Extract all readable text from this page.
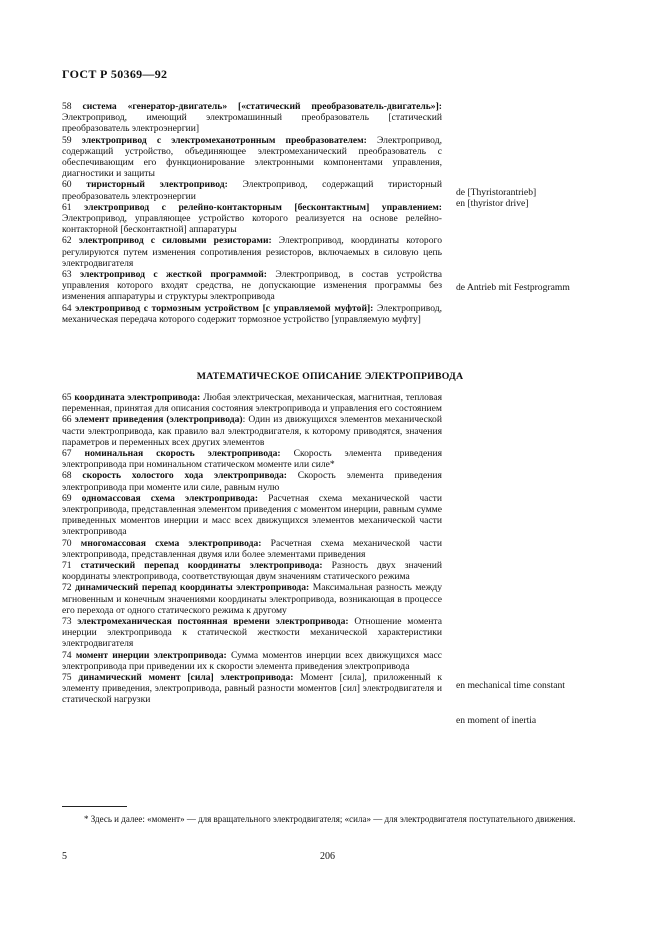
ГОСТ Р 50369—92

58 система «генератор-двигатель» [«статический преобразователь-двигатель»]: Электропривод, имеющий электромашинный преобразователь [статический преобразователь электроэнергии]

59 электропривод с электромеханотронным преобразователем: Электропривод, содержащий устройство, объединяющее электромеханический преобразователь с обеспечивающим его функционирование электронными компонентами управления, диагностики и защиты

60 тиристорный электропривод: Электропривод, содержащий тиристорный преобразователь электроэнергии

61 электропривод с релейно-контакторным [бесконтактным] управлением: Электропривод, управляющее устройство которого реализуется на основе релейно-контакторной [бесконтактной] аппаратуры

62 электропривод с силовыми резисторами: Электропривод, координаты которого регулируются путем изменения сопротивления резисторов, включаемых в силовую цепь электродвигателя

63 электропривод с жесткой программой: Электропривод, в состав устройства управления которого входят средства, не допускающие изменения программы без изменения аппаратуры и структуры электропривода

64 электропривод с тормозным устройством [с управляемой муфтой]: Электропривод, механическая передача которого содержит тормозное устройство [управляемую муфту]

de [Thyristorantrieb]
en [thyristor drive]
de Antrieb mit Festprogramm
МАТЕМАТИЧЕСКОЕ ОПИСАНИЕ ЭЛЕКТРОПРИВОДА

65 координата электропривода: Любая электрическая, механическая, магнитная, тепловая переменная, принятая для описания состояния электропривода и управления его состоянием

66 элемент приведения (электропривода): Один из движущихся элементов механической части электропривода, как правило вал электродвигателя, к которому приводятся, значения параметров и переменных всех других элементов

67 номинальная скорость электропривода: Скорость элемента приведения электропривода при номинальном статическом моменте или силе*

68 скорость холостого хода электропривода: Скорость элемента приведения электропривода при моменте или силе, равным нулю

69 одномассовая схема электропривода: Расчетная схема механической части электропривода, представленная элементом приведения с моментом инерции, равным сумме приведенных моментов инерции и масс всех движущихся элементов механической части электропривода

70 многомассовая схема электропривода: Расчетная схема механической части электропривода, представленная двумя или более элементами приведения

71 статический перепад координаты электропривода: Разность двух значений координаты электропривода, соответствующая двум значениям статического режима

72 динамический перепад координаты электропривода: Максимальная разность между мгновенным и конечным значениями координаты электропривода, возникающая в процессе его перехода от одного статического режима к другому

73 электромеханическая постоянная времени электропривода: Отношение момента инерции электропривода к статической жесткости механической характеристики электродвигателя

74 момент инерции электропривода: Сумма моментов инерции всех движущихся масс электропривода при приведении их к скорости элемента приведения электропривода

75 динамический момент [сила] электропривода: Момент [сила], приложенный к элементу приведения, электропривода, равный разности моментов [сил] электродвигателя и статической нагрузки

en mechanical time constant
en moment of inertia
* Здесь и далее: «момент» — для вращательного электродвигателя; «сила» — для электродвигателя поступательного движения.
5	206
